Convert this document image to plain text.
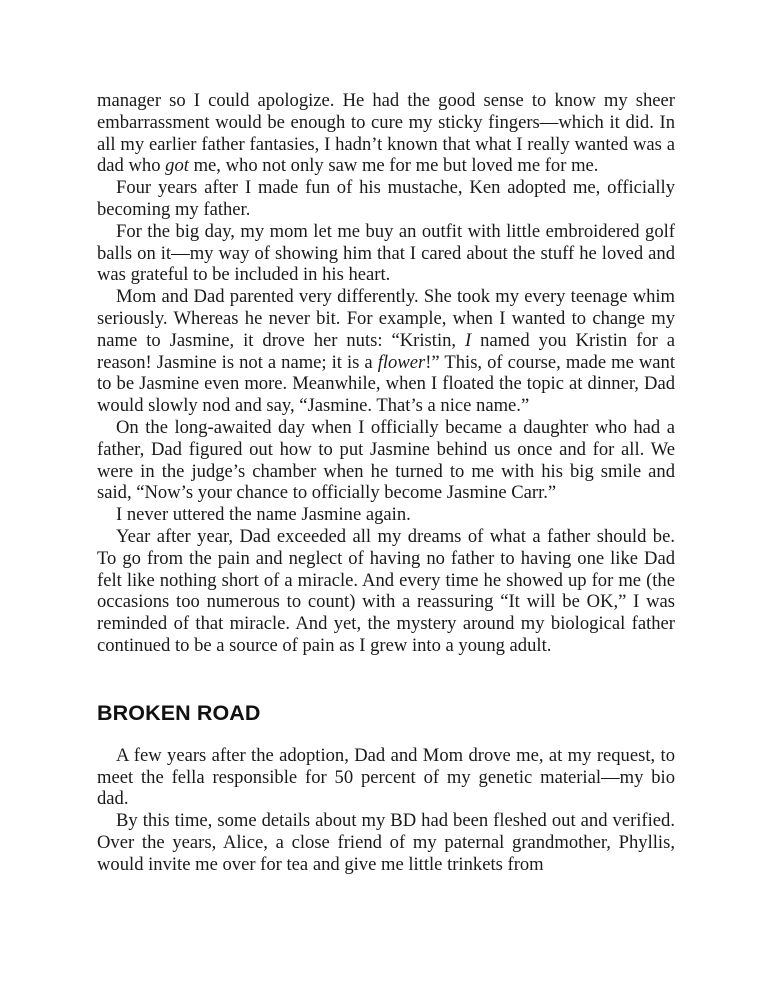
manager so I could apologize. He had the good sense to know my sheer embarrassment would be enough to cure my sticky fingers—which it did. In all my earlier father fantasies, I hadn’t known that what I really wanted was a dad who got me, who not only saw me for me but loved me for me.

Four years after I made fun of his mustache, Ken adopted me, officially becoming my father.

For the big day, my mom let me buy an outfit with little embroidered golf balls on it—my way of showing him that I cared about the stuff he loved and was grateful to be included in his heart.

Mom and Dad parented very differently. She took my every teenage whim seriously. Whereas he never bit. For example, when I wanted to change my name to Jasmine, it drove her nuts: “Kristin, I named you Kristin for a reason! Jasmine is not a name; it is a flower!” This, of course, made me want to be Jasmine even more. Meanwhile, when I floated the topic at dinner, Dad would slowly nod and say, “Jasmine. That’s a nice name.”

On the long-awaited day when I officially became a daughter who had a father, Dad figured out how to put Jasmine behind us once and for all. We were in the judge’s chamber when he turned to me with his big smile and said, “Now’s your chance to officially become Jasmine Carr.”

I never uttered the name Jasmine again.

Year after year, Dad exceeded all my dreams of what a father should be. To go from the pain and neglect of having no father to having one like Dad felt like nothing short of a miracle. And every time he showed up for me (the occasions too numerous to count) with a reassuring “It will be OK,” I was reminded of that miracle. And yet, the mystery around my biological father continued to be a source of pain as I grew into a young adult.

BROKEN ROAD

A few years after the adoption, Dad and Mom drove me, at my request, to meet the fella responsible for 50 percent of my genetic material—my bio dad.

By this time, some details about my BD had been fleshed out and verified. Over the years, Alice, a close friend of my paternal grandmother, Phyllis, would invite me over for tea and give me little trinkets from
